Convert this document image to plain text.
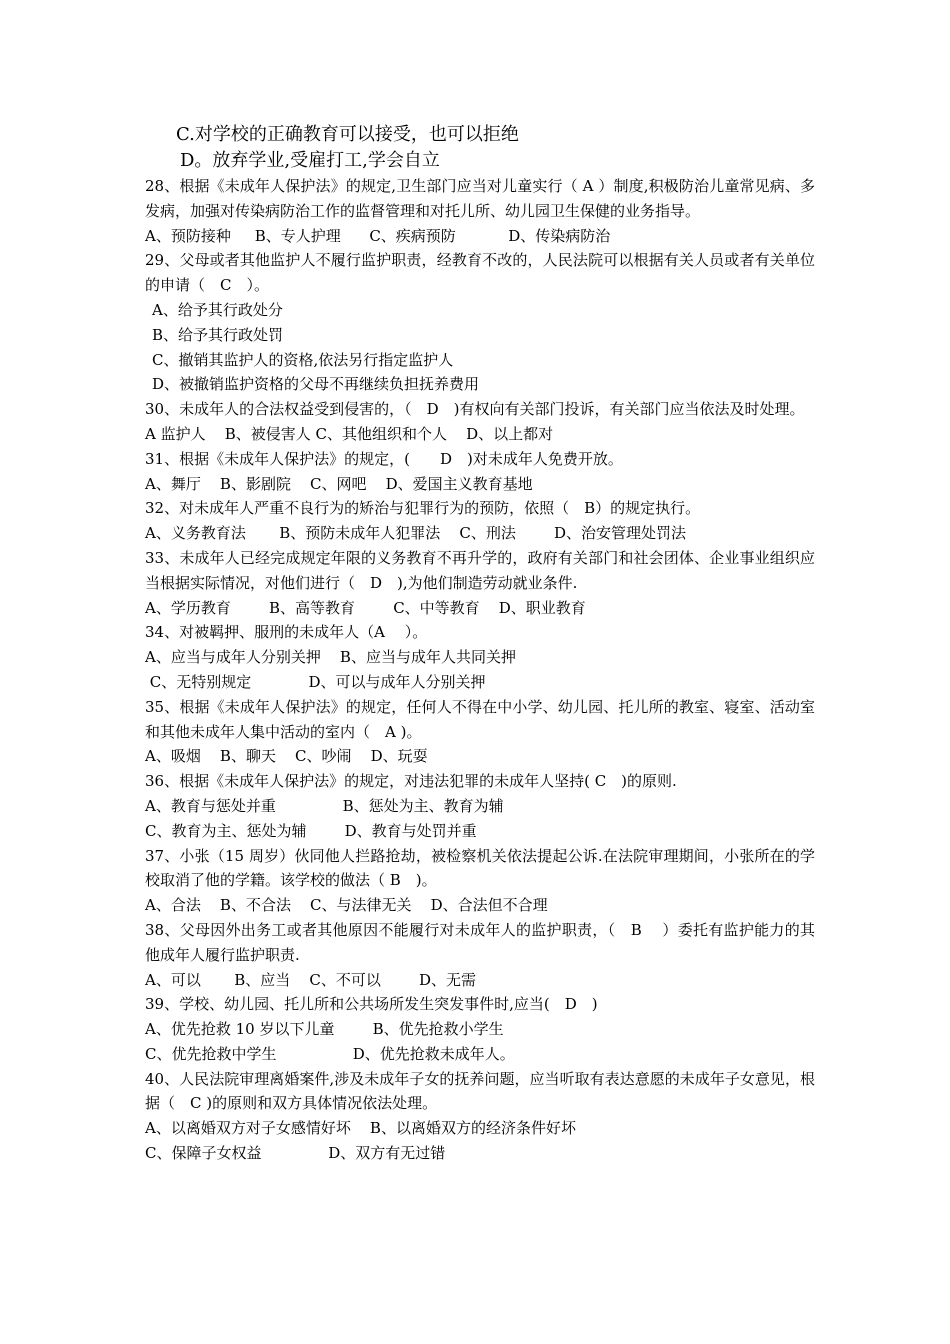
C.对学校的正确教育可以接受，也可以拒绝
D。放弃学业,受雇打工,学会自立
28、根据《未成年人保护法》的规定,卫生部门应当对儿童实行（ A ）制度,积极防治儿童常见病、多发病，加强对传染病防治工作的监督管理和对托儿所、幼儿园卫生保健的业务指导。
A、预防接种 B、专人护理 C、疾病预防	D、传染病防治
29、父母或者其他监护人不履行监护职责，经教育不改的，人民法院可以根据有关人员或者有关单位的申请（　C　）。
A、给予其行政处分
B、给予其行政处罚
C、撤销其监护人的资格,依法另行指定监护人
D、被撤销监护资格的父母不再继续负担抚养费用
30、未成年人的合法权益受到侵害的，（　D　)有权向有关部门投诉，有关部门应当依法及时处理。
A 监护人 B、被侵害人 C、其他组织和个人 D、以上都对
31、根据《未成年人保护法》的规定，(　　D　)对未成年人免费开放。
A、舞厅 B、影剧院 C、网吧 D、爱国主义教育基地
32、对未成年人严重不良行为的矫治与犯罪行为的预防，依照（　B）的规定执行。
A、义务教育法 B、预防未成年人犯罪法 C、刑法	D、治安管理处罚法
33、未成年人已经完成规定年限的义务教育不再升学的，政府有关部门和社会团体、企业事业组织应当根据实际情况，对他们进行（　D　),为他们制造劳动就业条件.
A、学历教育	B、高等教育	C、中等教育 D、职业教育
34、对被羁押、服刑的未成年人（A　 ）。
A、应当与成年人分别关押 B、应当与成年人共同关押
C、无特别规定	D、可以与成年人分别关押
35、根据《未成年人保护法》的规定，任何人不得在中小学、幼儿园、托儿所的教室、寝室、活动室和其他未成年人集中活动的室内（　A )。
A、吸烟 B、聊天 C、吵闹 D、玩耍
36、根据《未成年人保护法》的规定，对违法犯罪的未成年人坚持( C　)的原则.
A、教育与惩处并重	B、惩处为主、教育为辅
C、教育为主、惩处为辅	D、教育与处罚并重
37、小张（15 周岁）伙同他人拦路抢劫，被检察机关依法提起公诉.在法院审理期间，小张所在的学校取消了他的学籍。该学校的做法（ B　)。
A、合法 B、不合法 C、与法律无关 D、合法但不合理
38、父母因外出务工或者其他原因不能履行对未成年人的监护职责，（　B　 ）委托有监护能力的其他成年人履行监护职责.
A、可以 B、应当 C、不可以	D、无需
39、学校、幼儿园、托儿所和公共场所发生突发事件时,应当(　D　)
A、优先抢救 10 岁以下儿童	B、优先抢救小学生
C、优先抢救中学生	D、优先抢救未成年人。
40、人民法院审理离婚案件,涉及未成年子女的抚养问题，应当听取有表达意愿的未成年子女意见，根据（　C )的原则和双方具体情况依法处理。
A、以离婚双方对子女感情好坏 B、以离婚双方的经济条件好坏
C、保障子女权益	D、双方有无过错
